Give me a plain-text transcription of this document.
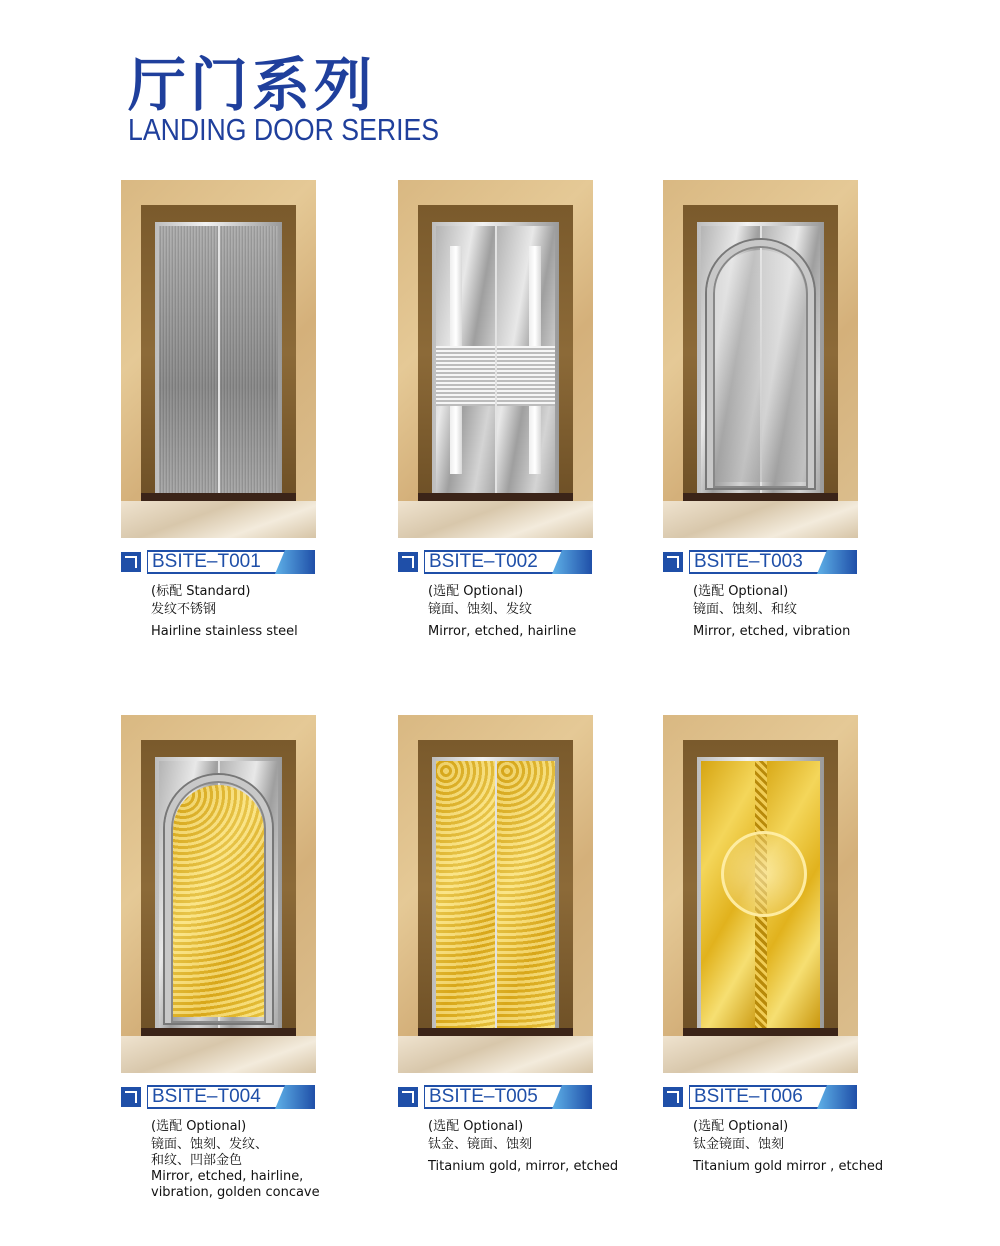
厅门系列
LANDING DOOR SERIES
BSITE–T001
(标配 Standard)
发纹不锈钢
Hairline stainless steel
BSITE–T002
(选配 Optional)
镜面、蚀刻、发纹
Mirror, etched, hairline
BSITE–T003
(选配 Optional)
镜面、蚀刻、和纹
Mirror, etched, vibration
BSITE–T004
(选配 Optional)
镜面、蚀刻、发纹、
和纹、凹部金色
Mirror, etched, hairline,
vibration, golden concave
BSITE–T005
(选配 Optional)
钛金、镜面、蚀刻
Titanium gold, mirror, etched
BSITE–T006
(选配 Optional)
钛金镜面、蚀刻
Titanium gold mirror , etched
